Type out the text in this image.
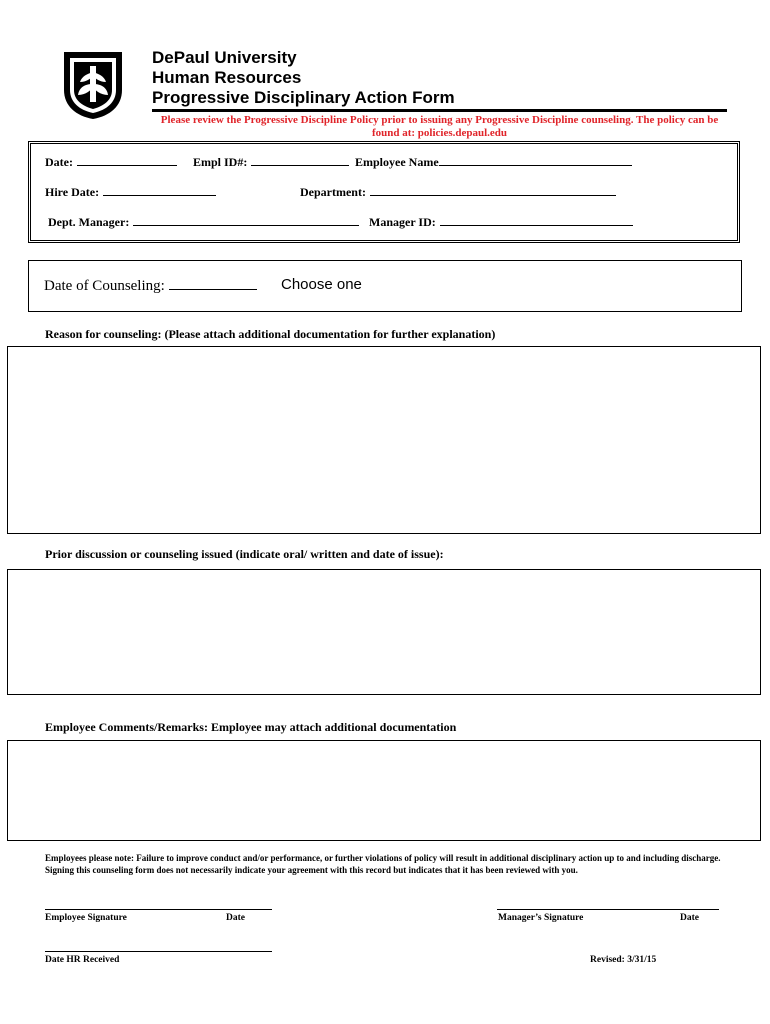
DePaul University
Human Resources
Progressive Disciplinary Action Form
Please review the Progressive Discipline Policy prior to issuing any Progressive Discipline counseling. The policy can be found at: policies.depaul.edu
Date:	Empl ID#:	Employee Name
Hire Date:	Department:
Dept. Manager:	Manager ID:
Date of Counseling:	Choose one
Reason for counseling: (Please attach additional documentation for further explanation)
Prior discussion or counseling issued (indicate oral/ written and date of issue):
Employee Comments/Remarks: Employee may attach additional documentation
Employees please note: Failure to improve conduct and/or performance, or further violations of policy will result in additional disciplinary action up to and including discharge. Signing this counseling form does not necessarily indicate your agreement with this record but indicates that it has been reviewed with you.
Employee Signature	Date	Manager’s Signature	Date
Date HR Received	Revised: 3/31/15
